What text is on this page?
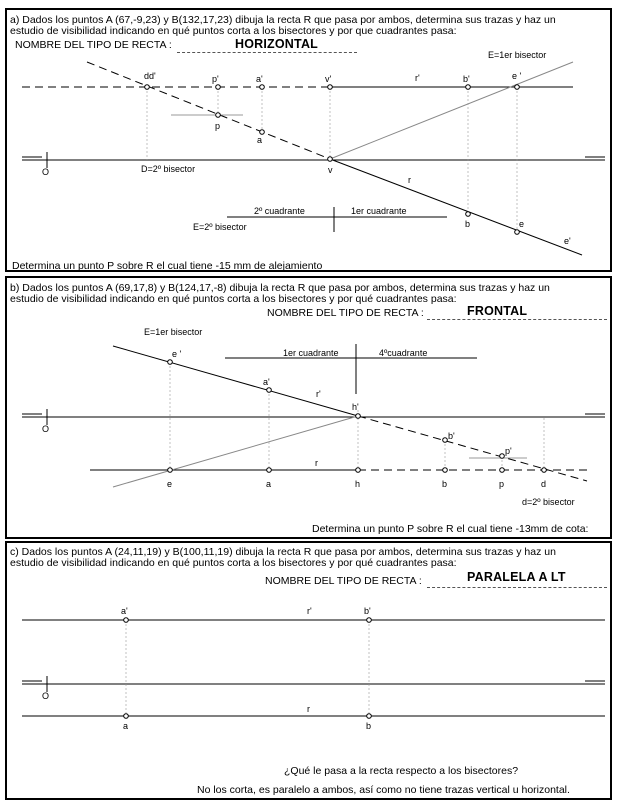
a) Dados los puntos A (67,-9,23) y B(132,17,23) dibuja la recta R que pasa por ambos, determina sus trazas y haz un
estudio de visibilidad indicando en qué puntos corta a los bisectores y por que cuadrantes pasa:
NOMBRE DEL TIPO DE RECTA :	HORIZONTAL
dd'	p'	a'	v'	r'	b'	e '
E=1er bisector
p
a
D=2º bisector
O	v
r
2º cuadrante	1er cuadrante
E=2º bisector	b	e
e'
Determina un punto P sobre R el cual tiene -15 mm de alejamiento
b) Dados los puntos A (69,17,8) y B(124,17,-8) dibuja la recta R que pasa por ambos, determina sus trazas y haz un
estudio de visibilidad indicando en qué puntos corta a los bisectores y por qué cuadrantes pasa:
NOMBRE DEL TIPO DE RECTA :	FRONTAL
E=1er bisector
e '	1er cuadrante	4ºcuadrante
a'
r'
h'
O
b'
p'
r
e	a	h	b	p	d
d=2º bisector
Determina un punto P sobre R el cual tiene -13mm de cota:
c) Dados los puntos A (24,11,19) y B(100,11,19) dibuja la recta R que pasa por ambos, determina sus trazas y haz un
estudio de visibilidad indicando en qué puntos corta a los bisectores y por qué cuadrantes pasa:
NOMBRE DEL TIPO DE RECTA :	PARALELA A LT
a'	r'	b'
O
r
a	b
¿Qué le pasa a la recta respecto a los bisectores?
No los corta, es paralelo a ambos, así como no tiene trazas vertical u horizontal.
